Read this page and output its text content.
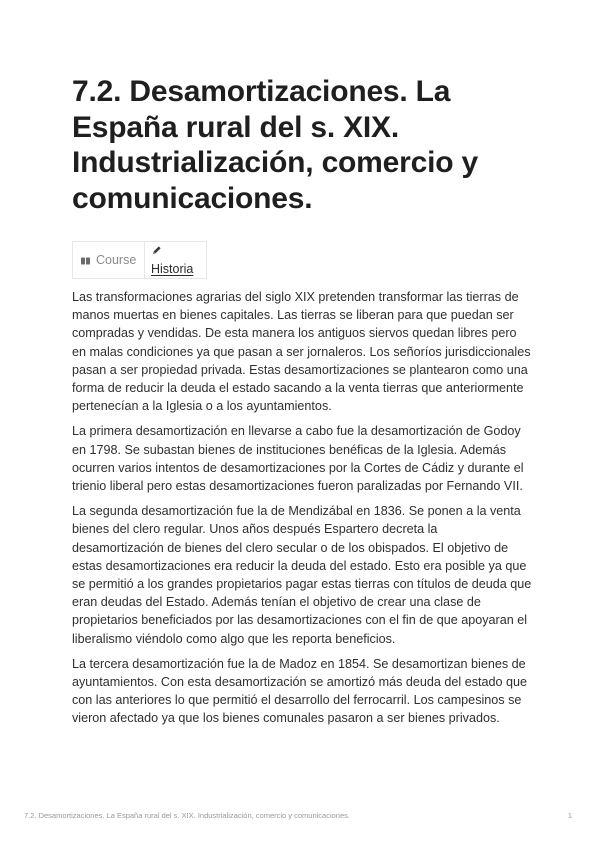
7.2. Desamortizaciones. La España rural del s. XIX. Industrialización, comercio y comunicaciones.
Course
Historia

Las transformaciones agrarias del siglo XIX pretenden transformar las tierras de manos muertas en bienes capitales. Las tierras se liberan para que puedan ser compradas y vendidas. De esta manera los antiguos siervos quedan libres pero en malas condiciones ya que pasan a ser jornaleros. Los señoríos jurisdiccionales pasan a ser propiedad privada. Estas desamortizaciones se plantearon como una forma de reducir la deuda el estado sacando a la venta tierras que anteriormente pertenecían a la Iglesia o a los ayuntamientos.

La primera desamortización en llevarse a cabo fue la desamortización de Godoy en 1798. Se subastan bienes de instituciones benéficas de la Iglesia. Además ocurren varios intentos de desamortizaciones por la Cortes de Cádiz y durante el trienio liberal pero estas desamortizaciones fueron paralizadas por Fernando VII.

La segunda desamortización fue la de Mendizábal en 1836. Se ponen a la venta bienes del clero regular. Unos años después Espartero decreta la desamortización de bienes del clero secular o de los obispados. El objetivo de estas desamortizaciones era reducir la deuda del estado. Esto era posible ya que se permitió a los grandes propietarios pagar estas tierras con títulos de deuda que eran deudas del Estado. Además tenían el objetivo de crear una clase de propietarios beneficiados por las desamortizaciones con el fin de que apoyaran el liberalismo viéndolo como algo que les reporta beneficios.

La tercera desamortización fue la de Madoz en 1854. Se desamortizan bienes de ayuntamientos. Con esta desamortización se amortizó más deuda del estado que con las anteriores lo que permitió el desarrollo del ferrocarril. Los campesinos se vieron afectado ya que los bienes comunales pasaron a ser bienes privados.

7.2. Desamortizaciones. La España rural del s. XIX. Industrialización, comercio y comunicaciones.	1
